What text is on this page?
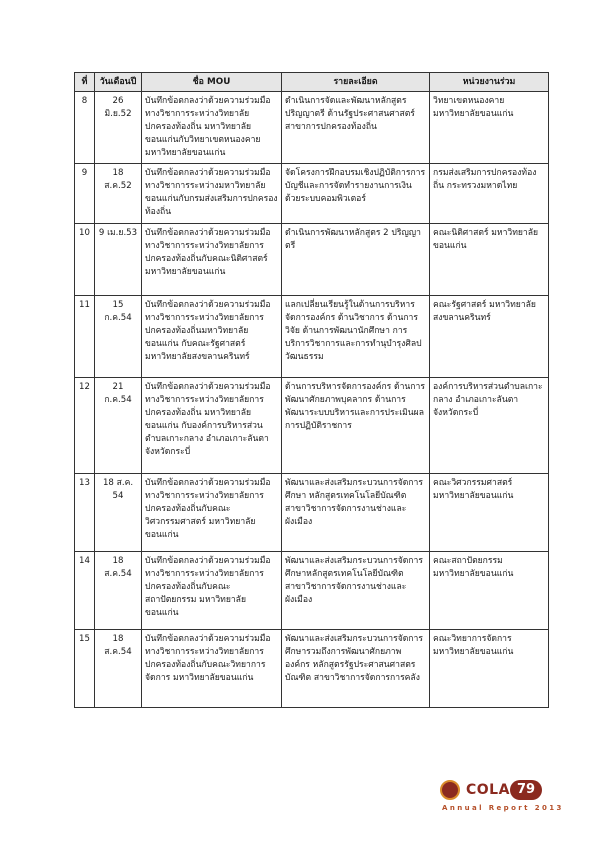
ที่	วันเดือนปี	ชื่อ MOU	รายละเอียด	หน่วยงานร่วม
8	26 มิ.ย.52	บันทึกข้อตกลงว่าด้วยความร่วมมือทางวิชาการระหว่างวิทยาลัยปกครองท้องถิ่น มหาวิทยาลัยขอนแก่นกับวิทยาเขตหนองคาย มหาวิทยาลัยขอนแก่น	ดำเนินการจัดและพัฒนาหลักสูตรปริญญาตรี ด้านรัฐประศาสนศาสตร์ สาขาการปกครองท้องถิ่น	วิทยาเขตหนองคาย มหาวิทยาลัยขอนแก่น
9	18 ส.ค.52	บันทึกข้อตกลงว่าด้วยความร่วมมือทางวิชาการระหว่างมหาวิทยาลัยขอนแก่นกับกรมส่งเสริมการปกครองท้องถิ่น	จัดโครงการฝึกอบรมเชิงปฏิบัติการการบัญชีและการจัดทำรายงานการเงินด้วยระบบคอมพิวเตอร์	กรมส่งเสริมการปกครองท้องถิ่น กระทรวงมหาดไทย
10	9 เม.ย.53	บันทึกข้อตกลงว่าด้วยความร่วมมือทางวิชาการระหว่างวิทยาลัยการปกครองท้องถิ่นกับคณะนิติศาสตร์ มหาวิทยาลัยขอนแก่น	ดำเนินการพัฒนาหลักสูตร 2 ปริญญาตรี	คณะนิติศาสตร์ มหาวิทยาลัยขอนแก่น
11	15 ก.ค.54	บันทึกข้อตกลงว่าด้วยความร่วมมือทางวิชาการระหว่างวิทยาลัยการปกครองท้องถิ่นมหาวิทยาลัยขอนแก่น กับคณะรัฐศาสตร์ มหาวิทยาลัยสงขลานครินทร์	แลกเปลี่ยนเรียนรู้ในด้านการบริหารจัดการองค์กร ด้านวิชาการ ด้านการวิจัย ด้านการพัฒนานักศึกษา การบริการวิชาการและการทำนุบำรุงศิลปวัฒนธรรม	คณะรัฐศาสตร์ มหาวิทยาลัยสงขลานครินทร์
12	21 ก.ค.54	บันทึกข้อตกลงว่าด้วยความร่วมมือทางวิชาการระหว่างวิทยาลัยการปกครองท้องถิ่น มหาวิทยาลัยขอนแก่น กับองค์การบริหารส่วนตำบลเกาะกลาง อำเภอเกาะลันตา จังหวัดกระบี่	ด้านการบริหารจัดการองค์กร ด้านการพัฒนาศักยภาพบุคลากร ด้านการพัฒนาระบบบริหารและการประเมินผลการปฏิบัติราชการ	องค์การบริหารส่วนตำบลเกาะกลาง อำเภอเกาะลันตา จังหวัดกระบี่
13	18 ส.ค. 54	บันทึกข้อตกลงว่าด้วยความร่วมมือทางวิชาการระหว่างวิทยาลัยการปกครองท้องถิ่นกับคณะวิศวกรรมศาสตร์ มหาวิทยาลัยขอนแก่น	พัฒนาและส่งเสริมกระบวนการจัดการศึกษา หลักสูตรเทคโนโลยีบัณฑิต สาขาวิชาการจัดการงานช่างและผังเมือง	คณะวิศวกรรมศาสตร์ มหาวิทยาลัยขอนแก่น
14	18 ส.ค.54	บันทึกข้อตกลงว่าด้วยความร่วมมือทางวิชาการระหว่างวิทยาลัยการปกครองท้องถิ่นกับคณะสถาปัตยกรรม มหาวิทยาลัยขอนแก่น	พัฒนาและส่งเสริมกระบวนการจัดการศึกษาหลักสูตรเทคโนโลยีบัณฑิต สาขาวิชาการจัดการงานช่างและผังเมือง	คณะสถาปัตยกรรม มหาวิทยาลัยขอนแก่น
15	18 ส.ค.54	บันทึกข้อตกลงว่าด้วยความร่วมมือทางวิชาการระหว่างวิทยาลัยการปกครองท้องถิ่นกับคณะวิทยาการจัดการ มหาวิทยาลัยขอนแก่น	พัฒนาและส่งเสริมกระบวนการจัดการศึกษารวมถึงการพัฒนาศักยภาพองค์กร หลักสูตรรัฐประศาสนศาสตรบัณฑิต สาขาวิชาการจัดการการคลัง	คณะวิทยาการจัดการ มหาวิทยาลัยขอนแก่น
COLA 79
Annual Report 2013
